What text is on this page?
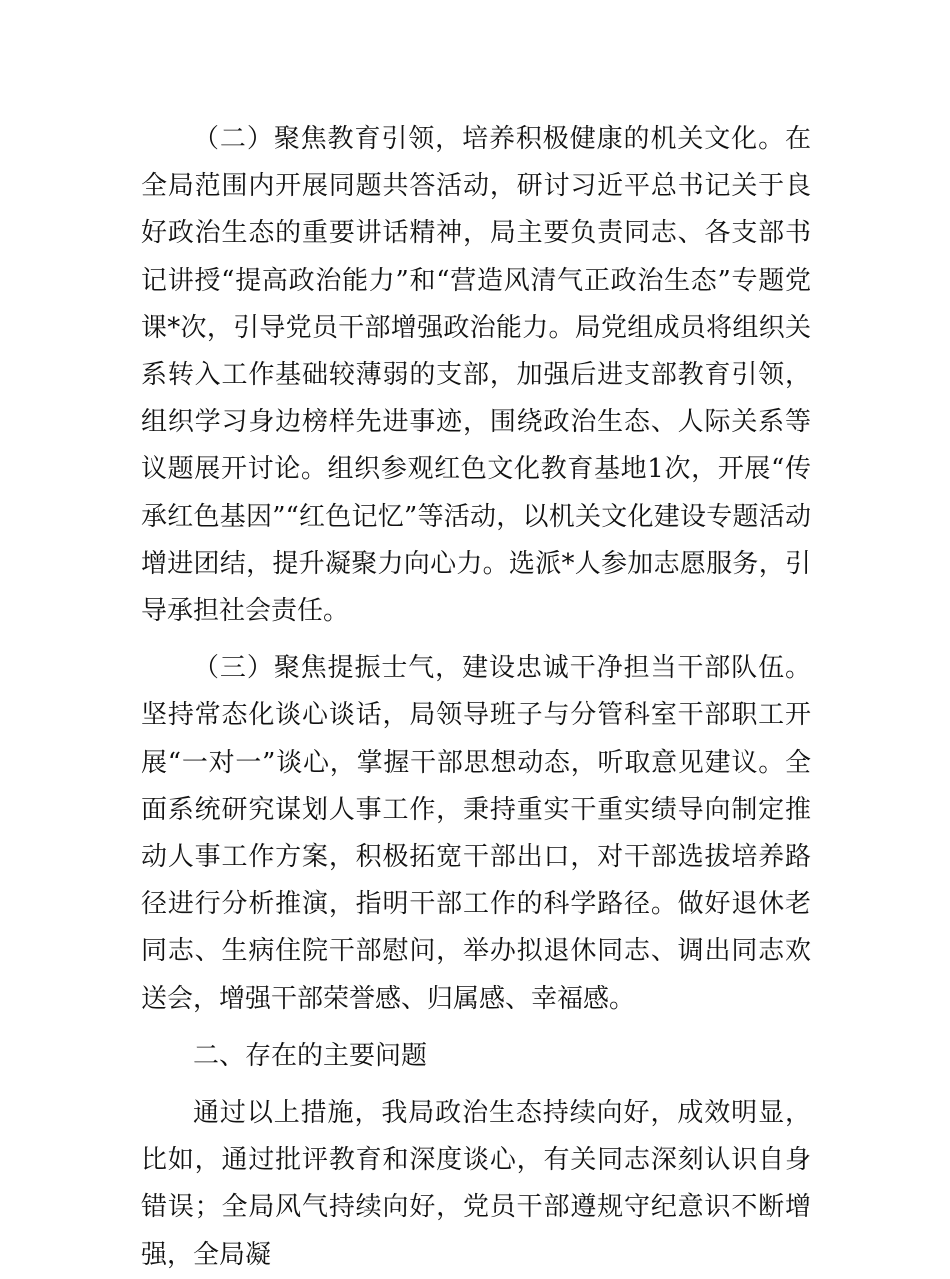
（二）聚焦教育引领，培养积极健康的机关文化。在全局范围内开展同题共答活动，研讨习近平总书记关于良好政治生态的重要讲话精神，局主要负责同志、各支部书记讲授“提高政治能力”和“营造风清气正政治生态”专题党课*次，引导党员干部增强政治能力。局党组成员将组织关系转入工作基础较薄弱的支部，加强后进支部教育引领，组织学习身边榜样先进事迹，围绕政治生态、人际关系等议题展开讨论。组织参观红色文化教育基地1次，开展“传承红色基因”“红色记忆”等活动，以机关文化建设专题活动增进团结，提升凝聚力向心力。选派*人参加志愿服务，引导承担社会责任。

（三）聚焦提振士气，建设忠诚干净担当干部队伍。坚持常态化谈心谈话，局领导班子与分管科室干部职工开展“一对一”谈心，掌握干部思想动态，听取意见建议。全面系统研究谋划人事工作，秉持重实干重实绩导向制定推动人事工作方案，积极拓宽干部出口，对干部选拔培养路径进行分析推演，指明干部工作的科学路径。做好退休老同志、生病住院干部慰问，举办拟退休同志、调出同志欢送会，增强干部荣誉感、归属感、幸福感。

二、存在的主要问题

通过以上措施，我局政治生态持续向好，成效明显，比如，通过批评教育和深度谈心，有关同志深刻认识自身错误；全局风气持续向好，党员干部遵规守纪意识不断增强，全局凝
